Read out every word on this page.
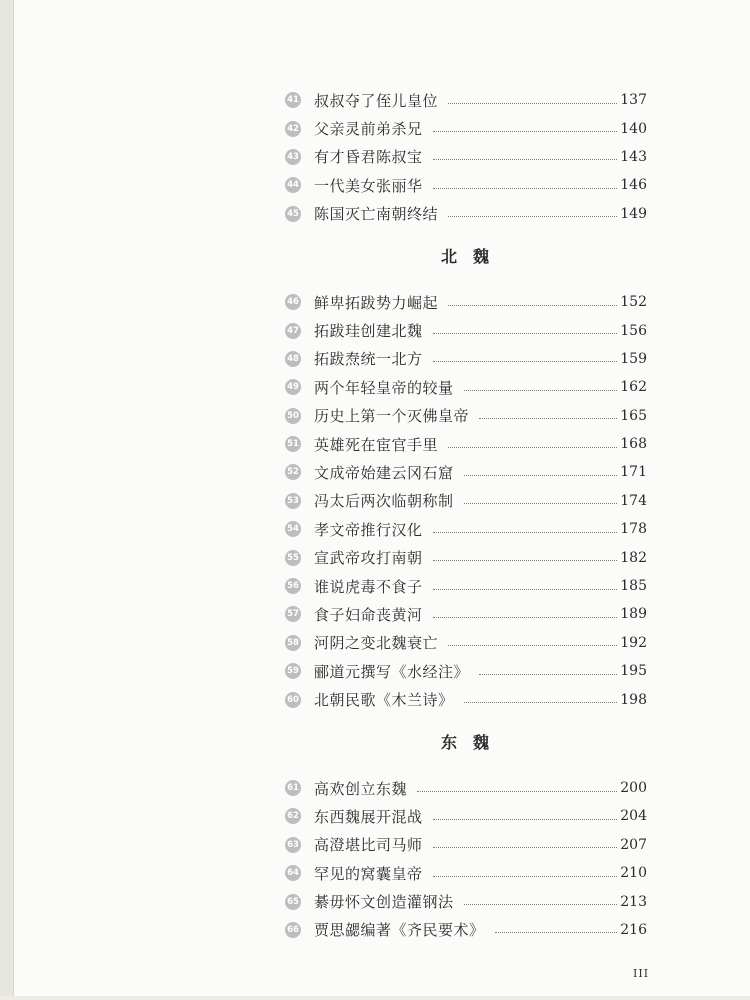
41 叔叔夺了侄儿皇位	137
42 父亲灵前弟杀兄	140
43 有才昏君陈叔宝	143
44 一代美女张丽华	146
45 陈国灭亡南朝终结	149
北魏
46 鲜卑拓跋势力崛起	152
47 拓跋珪创建北魏	156
48 拓跋焘统一北方	159
49 两个年轻皇帝的较量	162
50 历史上第一个灭佛皇帝	165
51 英雄死在宦官手里	168
52 文成帝始建云冈石窟	171
53 冯太后两次临朝称制	174
54 孝文帝推行汉化	178
55 宣武帝攻打南朝	182
56 谁说虎毒不食子	185
57 食子妇命丧黄河	189
58 河阴之变北魏衰亡	192
59 郦道元撰写《水经注》	195
60 北朝民歌《木兰诗》	198
东魏
61 高欢创立东魏	200
62 东西魏展开混战	204
63 高澄堪比司马师	207
64 罕见的窝囊皇帝	210
65 綦毋怀文创造灌钢法	213
66 贾思勰编著《齐民要术》	216
III
